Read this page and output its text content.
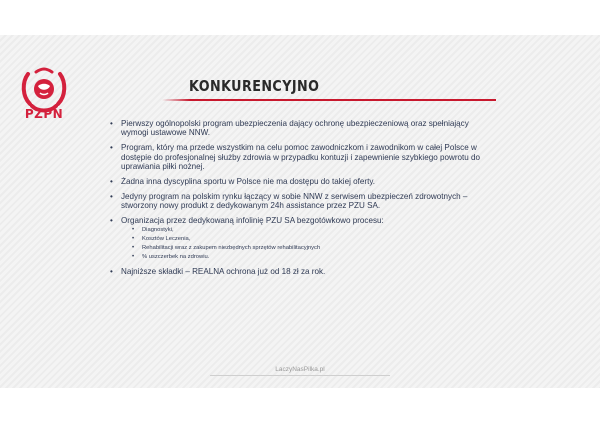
PZPN
KONKURENCYJNO
• Pierwszy ogólnopolski program ubezpieczenia dający ochronę ubezpieczeniową oraz spełniający wymogi ustawowe NNW.
• Program, który ma przede wszystkim na celu pomoc zawodniczkom i zawodnikom w całej Polsce w dostępie do profesjonalnej służby zdrowia w przypadku kontuzji i zapewnienie szybkiego powrotu do uprawiania piłki nożnej.
• Żadna inna dyscyplina sportu w Polsce nie ma dostępu do takiej oferty.
• Jedyny program na polskim rynku łączący w sobie NNW z serwisem ubezpieczeń zdrowotnych – stworzony nowy produkt z dedykowanym 24h assistance przez PZU SA.
• Organizacja przez dedykowaną infolinię PZU SA bezgotówkowo procesu:
• Diagnostyki,
• Kosztów Leczenia,
• Rehabilitacji wraz z zakupem niezbędnych sprzętów rehabilitacyjnych
• % uszczerbek na zdrowiu.
• Najniższe składki – REALNA ochrona już od 18 zł za rok.
LaczyNasPilka.pl
